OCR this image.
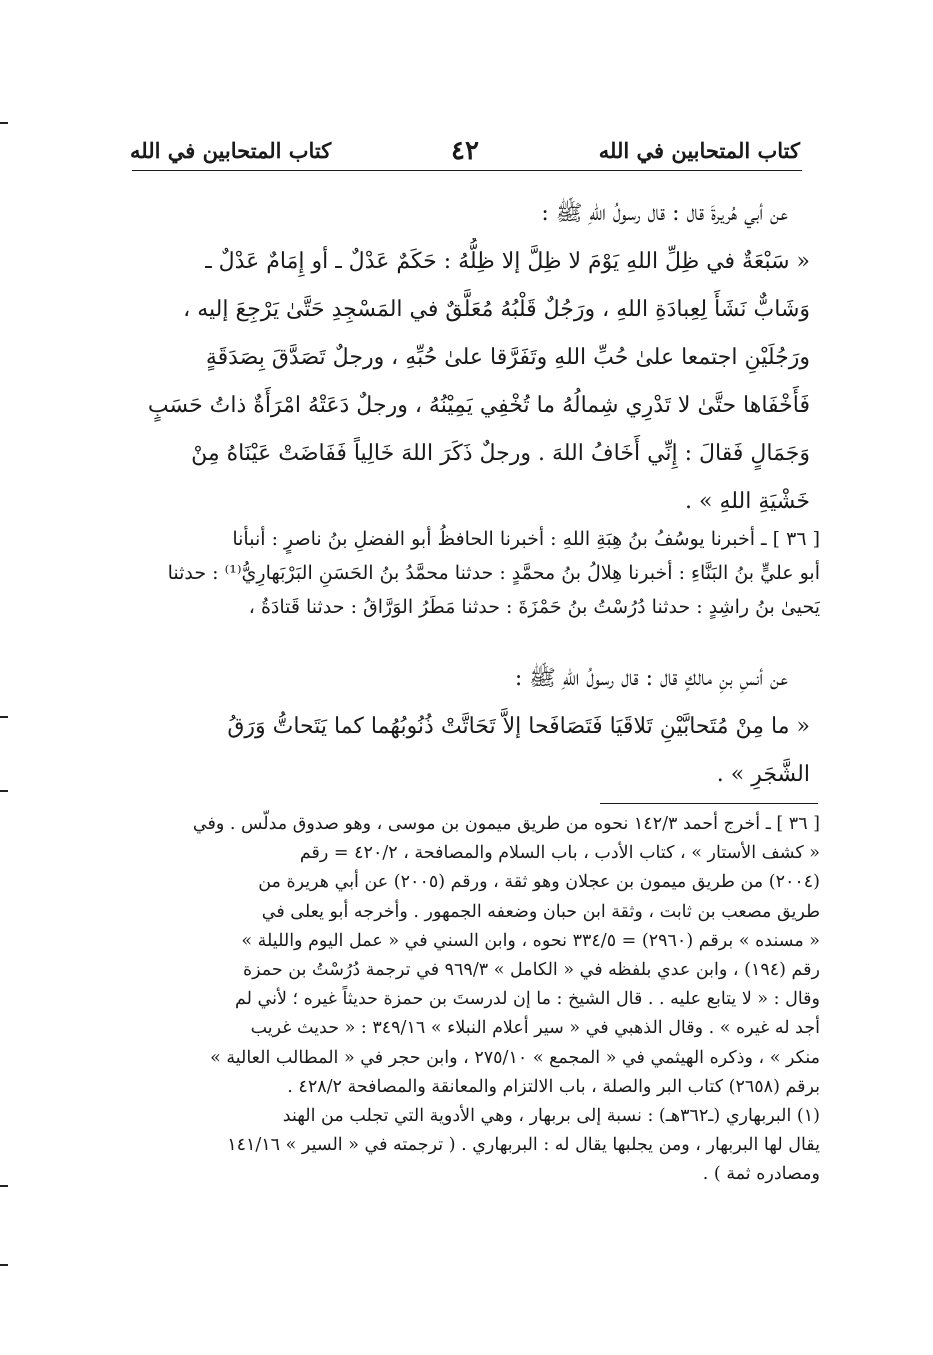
كتاب المتحابين في الله
٤٢
كتاب المتحابين في الله

عن أبي هُريرةَ قال : قال رسولُ اللهِ ﷺ :

« سَبْعَةٌ في ظِلِّ اللهِ يَوْمَ لا ظِلَّ إلا ظِلُّهُ : حَكَمٌ عَدْلٌ ـ أو إِمَامٌ عَدْلٌ ـ

وَشَابٌّ نَشَأَ لِعِبادَةِ اللهِ ، ورَجُلٌ قَلْبُهُ مُعَلَّقٌ في المَسْجِدِ حَتَّىٰ يَرْجِعَ إليه ،

ورَجُلَيْنِ اجتمعا علىٰ حُبِّ اللهِ وتَفَرَّقا علىٰ حُبِّهِ ، ورجلٌ تَصَدَّقَ بِصَدَقَةٍ

فَأَخْفَاها حتَّىٰ لا تَدْرِي شِمالُهُ ما تُخْفِي يَمِيْنُهُ ، ورجلٌ دَعَتْهُ امْرَأَةٌ ذاتُ حَسَبٍ

وَجَمَالٍ فَقالَ : إِنِّي أَخَافُ اللهَ . ورجلٌ ذَكَرَ اللهَ خَالِياً فَفَاضَتْ عَيْنَاهُ مِنْ

خَشْيَةِ اللهِ » .

[ ٣٦ ] ـ أخبرنا يوسُفُ بنُ هِبَةِ اللهِ : أخبرنا الحافظُ أبو الفضلِ بنُ ناصرٍ : أنبأنا

أبو عليٍّ بنُ البَنَّاءِ : أخبرنا هِلالُ بنُ محمَّدٍ : حدثنا محمَّدُ بنُ الحَسَنِ البَرْبَهارِيُّ⁽¹⁾ : حدثنا

يَحيىٰ بنُ راشِدٍ : حدثنا دُرُسْتُ بنُ حَمْزَةَ : حدثنا مَطَرُ الوَرَّاقُ : حدثنا قَتادَةُ ،

عن أنسِ بنِ مالكٍ قال : قال رسولُ اللهِ ﷺ :

« ما مِنْ مُتَحابَّيْنِ تَلاقَيَا فَتَصَافَحا إلاَّ تَحَاتَّتْ ذُنُوبُهُما كما يَتَحاتُّ وَرَقُ

الشَّجَرِ » .

[ ٣٦ ] ـ أخرج أحمد ١٤٢/٣ نحوه من طريق ميمون بن موسى ، وهو صدوق مدلّس . وفي

« كشف الأستار » ، كتاب الأدب ، باب السلام والمصافحة ، ٤٢٠/٢ = رقم

(٢٠٠٤) من طريق ميمون بن عجلان وهو ثقة ، ورقم (٢٠٠٥) عن أبي هريرة من

طريق مصعب بن ثابت ، وثقة ابن حبان وضعفه الجمهور . وأخرجه أبو يعلى في

« مسنده » برقم (٢٩٦٠) = ٣٣٤/٥ نحوه ، وابن السني في « عمل اليوم والليلة »

رقم (١٩٤) ، وابن عدي بلفظه في « الكامل » ٩٦٩/٣ في ترجمة دُرُسْتُ بن حمزة

وقال : « لا يتابع عليه . . قال الشيخ : ما إن لدرستَ بن حمزة حديثاً غيره ؛ لأني لم

أجد له غيره » . وقال الذهبي في « سير أعلام النبلاء » ٣٤٩/١٦ : « حديث غريب

منكر » ، وذكره الهيثمي في « المجمع » ٢٧٥/١٠ ، وابن حجر في « المطالب العالية »

برقم (٢٦٥٨) كتاب البر والصلة ، باب الالتزام والمعانقة والمصافحة ٤٢٨/٢ .

(١) البربهاري (ـ٣٦٢هـ) : نسبة إلى بربهار ، وهي الأدوية التي تجلب من الهند

يقال لها البربهار ، ومن يجلبها يقال له : البربهاري . ( ترجمته في « السير » ١٤١/١٦

ومصادره ثمة ) .
